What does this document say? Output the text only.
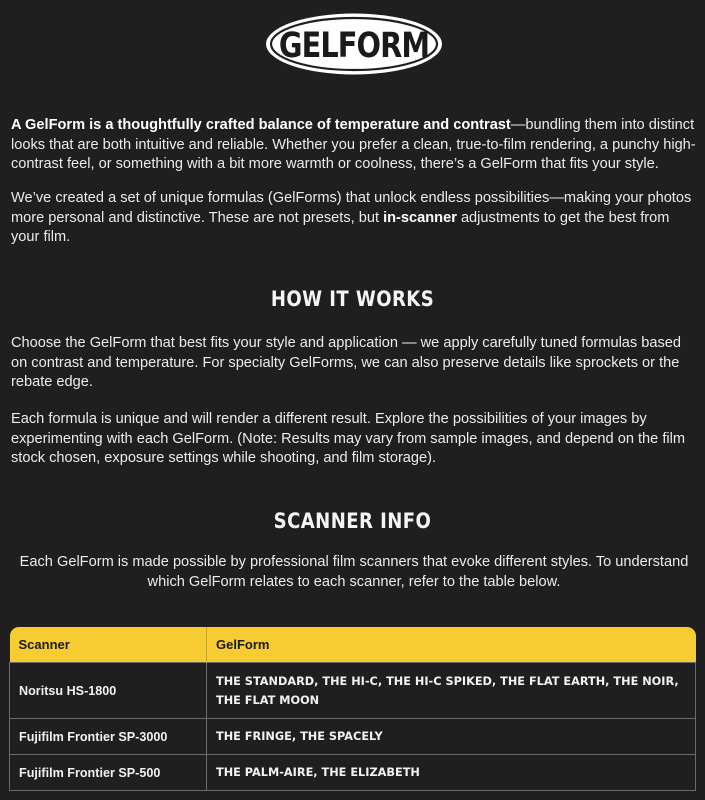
GELFORM

A GelForm is a thoughtfully crafted balance of temperature and contrast—bundling them into distinct looks that are both intuitive and reliable. Whether you prefer a clean, true-to-film rendering, a punchy high-contrast feel, or something with a bit more warmth or coolness, there’s a GelForm that fits your style.

We’ve created a set of unique formulas (GelForms) that unlock endless possibilities—making your photos more personal and distinctive. These are not presets, but in-scanner adjustments to get the best from your film.

HOW IT WORKS

Choose the GelForm that best fits your style and application — we apply carefully tuned formulas based on contrast and temperature. For specialty GelForms, we can also preserve details like sprockets or the rebate edge.

Each formula is unique and will render a different result. Explore the possibilities of your images by experimenting with each GelForm. (Note: Results may vary from sample images, and depend on the film stock chosen, exposure settings while shooting, and film storage).

SCANNER INFO

Each GelForm is made possible by professional film scanners that evoke different styles. To understand which GelForm relates to each scanner, refer to the table below.

Scanner	GelForm
Noritsu HS-1800	THE STANDARD, THE HI-C, THE HI-C SPIKED, THE FLAT EARTH, THE NOIR, THE FLAT MOON
Fujifilm Frontier SP-3000	THE FRINGE, THE SPACELY
Fujifilm Frontier SP-500	THE PALM-AIRE, THE ELIZABETH
